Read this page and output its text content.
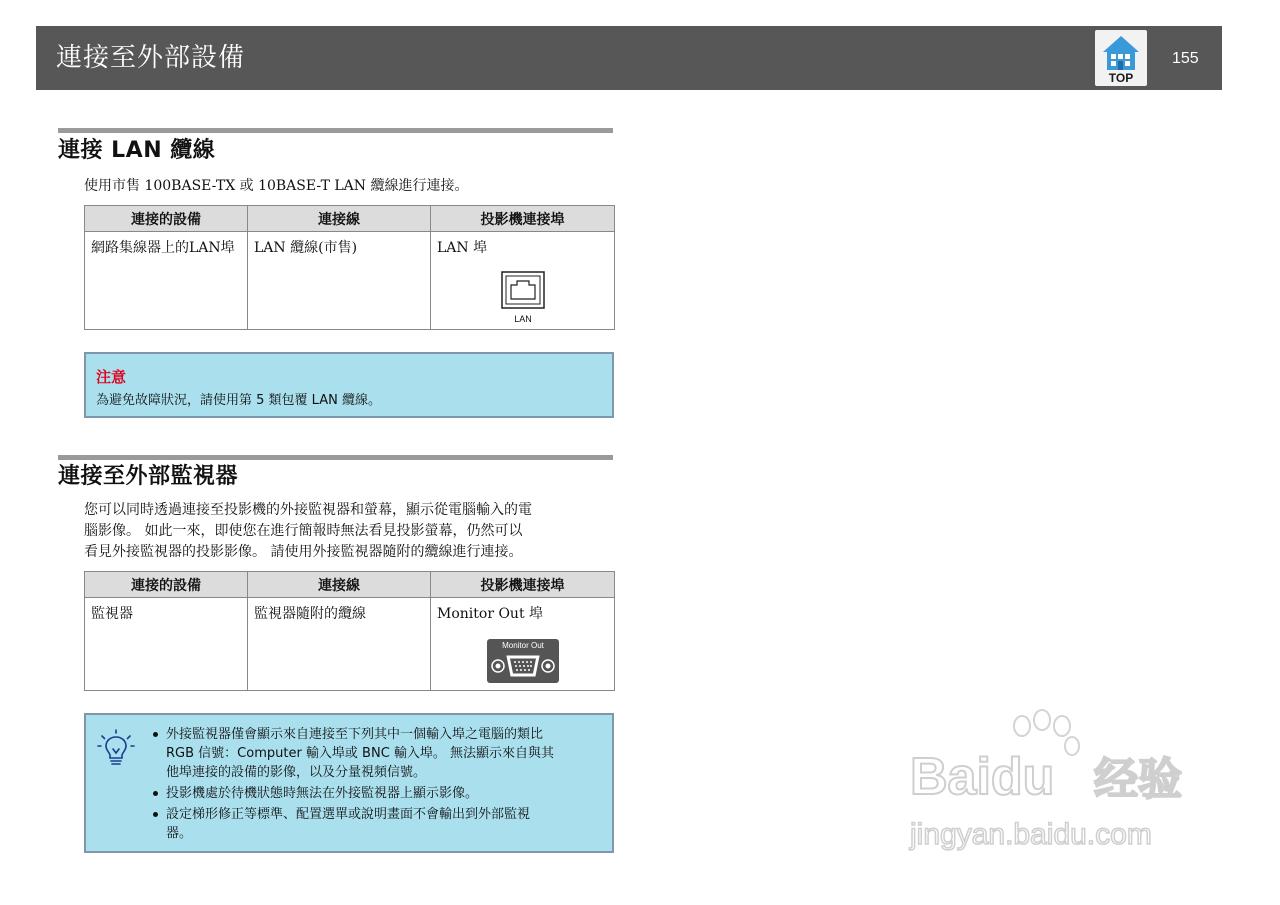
連接至外部設備
TOP
155
連接 LAN 纜線
使用市售 100BASE-TX 或 10BASE-T LAN 纜線進行連接。
連接的設備	連接線	投影機連接埠
網路集線器上的LAN埠	LAN 纜線(市售)	LAN 埠
LAN
注意
為避免故障狀況，請使用第 5 類包覆 LAN 纜線。
連接至外部監視器
您可以同時透過連接至投影機的外接監視器和螢幕，顯示從電腦輸入的電
腦影像。 如此一來，即使您在進行簡報時無法看見投影螢幕，仍然可以
看見外接監視器的投影影像。 請使用外接監視器隨附的纜線進行連接。
連接的設備	連接線	投影機連接埠
監視器	監視器隨附的纜線	Monitor Out 埠
Monitor Out
外接監視器僅會顯示來自連接至下列其中一個輸入埠之電腦的類比
RGB 信號：Computer 輸入埠或 BNC 輸入埠。 無法顯示來自與其
他埠連接的設備的影像，以及分量視頻信號。
投影機處於待機狀態時無法在外接監視器上顯示影像。
設定梯形修正等標準、配置選單或說明畫面不會輸出到外部監視
器。
Baidu 经验
jingyan.baidu.com
